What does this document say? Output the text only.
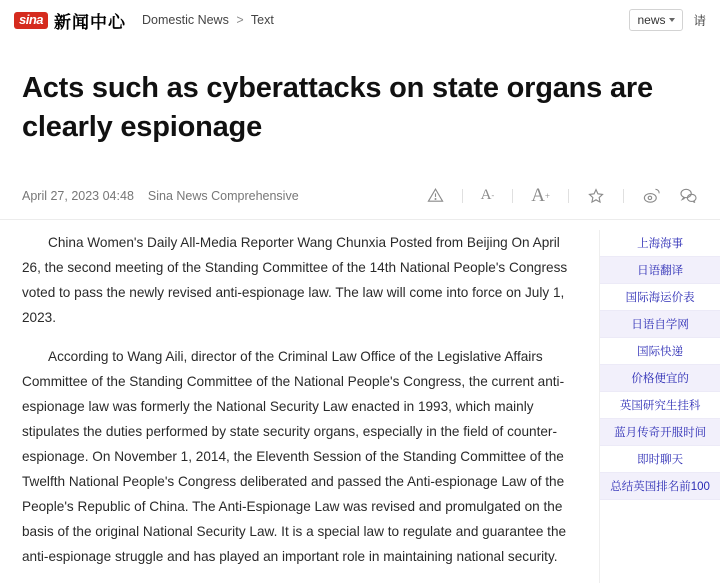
sina 新闻中心 Domestic News > Text	news 请
Acts such as cyberattacks on state organs are clearly espionage
April 27, 2023 04:48 Sina News Comprehensive	A - A +

China Women's Daily All-Media Reporter Wang Chunxia Posted from Beijing On April 26, the second meeting of the Standing Committee of the 14th National People's Congress voted to pass the newly revised anti-espionage law. The law will come into force on July 1, 2023.

According to Wang Aili, director of the Criminal Law Office of the Legislative Affairs Committee of the Standing Committee of the National People's Congress, the current anti-espionage law was formerly the National Security Law enacted in 1993, which mainly stipulates the duties performed by state security organs, especially in the field of counter-espionage. On November 1, 2014, the Eleventh Session of the Standing Committee of the Twelfth National People's Congress deliberated and passed the Anti-espionage Law of the People's Republic of China. The Anti-Espionage Law was revised and promulgated on the basis of the original National Security Law. It is a special law to regulate and guarantee the anti-espionage struggle and has played an important role in maintaining national security.

上海海事
日语翻译
国际海运价表
日语自学网
国际快递
价格便宜的
英国研究生挂科
蓝月传奇开服时间
即时聊天
总结英国排名前100
